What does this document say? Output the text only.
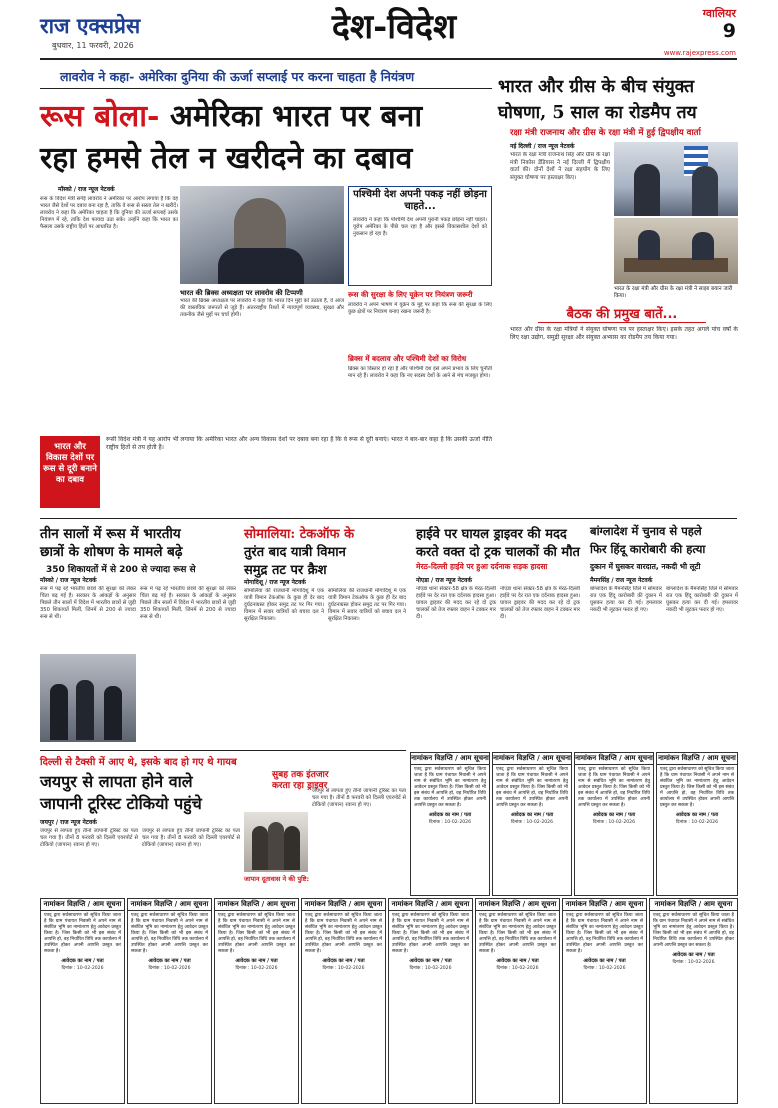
राज एक्सप्रेस
बुधवार, 11 फरवरी, 2026	देश-विदेश	ग्वालियर
9
www.rajexpress.com
लावरोव ने कहा- अमेरिका दुनिया की ऊर्जा सप्लाई पर करना चाहता है नियंत्रण
रूस बोला- अमेरिका भारत पर बना
रहा हमसे तेल न खरीदने का दबाव
मॉस्को / राज न्यूज नेटवर्क
रूस के विदेश मंत्री सर्गेई लावरोव ने अमेरिका पर आरोप लगाया है कि वह भारत जैसे देशों पर दबाव बना रहा है, ताकि वे रूस से सस्ता तेल न खरीदें। लावरोव ने कहा कि अमेरिका चाहता है कि दुनिया की ऊर्जा सप्लाई उसके नियंत्रण में रहे, ताकि देश फायदा उठा सके। उन्होंने कहा कि भारत का फैसला उसके राष्ट्रीय हितों पर आधारित है।
भारत की ब्रिक्स अध्यक्षता पर लावरोव की टिप्पणी
भारत की ब्रिक्स अध्यक्षता पर लावरोव ने कहा कि भारत दिन मुद्दों को उठाता है, वे आज की वास्तविक जरूरतों से जुड़े हैं। अंतरराष्ट्रीय रिश्तों में न्यायपूर्ण व्यवस्था, सुरक्षा और तकनीक जैसे मुद्दों पर चर्चा होगी।
पश्चिमी देश अपनी पकड़ नहीं छोड़ना चाहते...
लावरोव ने कहा कि पश्चिमी देश अपनी पुरानी पकड़ छोड़ना नहीं चाहते। यूरोप अमेरिका के पीछे चल रहा है और इससे विकासशील देशों को नुकसान हो रहा है।
रूस की सुरक्षा के लिए यूक्रेन पर नियंत्रण जरूरी
लावरोव ने अपने भाषण में यूक्रेन के मुद्दे पर कहा कि रूस की सुरक्षा के लिए कुछ क्षेत्रों पर नियंत्रण बनाए रखना जरूरी है।
ब्रिक्स में बदलाव और पश्चिमी देशों का विरोध
ब्रिक्स का विस्तार हो रहा है और पश्चिमी देश इसे अपने प्रभाव के लिए चुनौती मान रहे हैं। लावरोव ने कहा कि नए सदस्य देशों के आने से मंच मजबूत होगा।
भारत और विकास देशों पर रूस से दूरी बनाने का दबाव
रूसी विदेश मंत्री ने यह आरोप भी लगाया कि अमेरिका भारत और अन्य विकास देशों पर दबाव बना रहा है कि वे रूस से दूरी बनाएं। भारत ने बार-बार कहा है कि उसकी ऊर्जा नीति राष्ट्रीय हितों से तय होती है।
भारत और ग्रीस के बीच संयुक्त
घोषणा, 5 साल का रोडमैप तय
रक्षा मंत्री राजनाथ और ग्रीस के रक्षा मंत्री में हुई द्विपक्षीय वार्ता
नई दिल्ली / राज न्यूज नेटवर्क
भारत के रक्षा मंत्री राजनाथ सिंह और ग्रीस के रक्षा मंत्री निकोस डेंडियास ने नई दिल्ली में द्विपक्षीय वार्ता की। दोनों देशों ने रक्षा सहयोग के लिए संयुक्त घोषणा पर हस्ताक्षर किए।
भारत के रक्षा मंत्री और ग्रीस के रक्षा मंत्री ने साझा बयान जारी किया।
बैठक की प्रमुख बातें...
भारत और ग्रीस के रक्षा मंत्रियों ने संयुक्त घोषणा पत्र पर हस्ताक्षर किए। इसके तहत अगले पांच वर्षों के लिए रक्षा उद्योग, समुद्री सुरक्षा और संयुक्त अभ्यास का रोडमैप तय किया गया।
तीन सालों में रूस में भारतीय
छात्रों के शोषण के मामले बढ़े
350 शिकायतों में से 200 से ज्यादा रूस से
मॉस्को / राज न्यूज नेटवर्क
रूस में पढ़ रहे भारतीय छात्रों की सुरक्षा को लेकर चिंता बढ़ गई है। सरकार के आंकड़ों के अनुसार पिछले तीन सालों में विदेश में भारतीय छात्रों से जुड़ी 350 शिकायतें मिलीं, जिनमें से 200 से ज्यादा रूस से थीं।
रूस में पढ़ रहे भारतीय छात्रों की सुरक्षा को लेकर चिंता बढ़ गई है। सरकार के आंकड़ों के अनुसार पिछले तीन सालों में विदेश में भारतीय छात्रों से जुड़ी 350 शिकायतें मिलीं, जिनमें से 200 से ज्यादा रूस से थीं।
सोमालिया: टेकऑफ के
तुरंत बाद यात्री विमान
समुद्र तट पर क्रैश
मोगादिशू / राज न्यूज नेटवर्क
सोमालिया की राजधानी मोगादिशू में एक यात्री विमान टेकऑफ के कुछ ही देर बाद दुर्घटनाग्रस्त होकर समुद्र तट पर गिर गया। विमान में सवार यात्रियों को बचाव दल ने सुरक्षित निकाला।
सोमालिया की राजधानी मोगादिशू में एक यात्री विमान टेकऑफ के कुछ ही देर बाद दुर्घटनाग्रस्त होकर समुद्र तट पर गिर गया। विमान में सवार यात्रियों को बचाव दल ने सुरक्षित निकाला।
हाईवे पर घायल ड्राइवर की मदद
करते वक्त दो ट्रक चालकों की मौत
मेरठ-दिल्ली हाईवे पर हुआ दर्दनाक सड़क हादसा
नोएडा / राज न्यूज नेटवर्क
नोएडा थाना सेक्टर-58 क्षेत्र के मेरठ-दिल्ली हाईवे पर देर रात एक दर्दनाक हादसा हुआ। घायल ड्राइवर की मदद कर रहे दो ट्रक चालकों को तेज रफ्तार वाहन ने टक्कर मार दी।
नोएडा थाना सेक्टर-58 क्षेत्र के मेरठ-दिल्ली हाईवे पर देर रात एक दर्दनाक हादसा हुआ। घायल ड्राइवर की मदद कर रहे दो ट्रक चालकों को तेज रफ्तार वाहन ने टक्कर मार दी।
बांग्लादेश में चुनाव से पहले
फिर हिंदू कारोबारी की हत्या
दुकान में घुसकर वारदात, नकदी भी लूटी
मैमनसिंह / राज न्यूज नेटवर्क
बांग्लादेश के मैमनसिंह जिले में सोमवार रात एक हिंदू कारोबारी की दुकान में घुसकर हत्या कर दी गई। हमलावर नकदी भी लूटकर फरार हो गए।
बांग्लादेश के मैमनसिंह जिले में सोमवार रात एक हिंदू कारोबारी की दुकान में घुसकर हत्या कर दी गई। हमलावर नकदी भी लूटकर फरार हो गए।
दिल्ली से टैक्सी में आए थे, इसके बाद हो गए थे गायब
जयपुर से लापता होने वाले
जापानी टूरिस्ट टोकियो पहुंचे
सुबह तक इंतजार करता रहा ड्राइवर
जयपुर / राज न्यूज नेटवर्क
जयपुर से लापता हुए तीनों जापानी टूरिस्ट का पता चल गया है। तीनों 8 फरवरी को दिल्ली एयरपोर्ट से टोकियो (जापान) रवाना हो गए।
जयपुर से लापता हुए तीनों जापानी टूरिस्ट का पता चल गया है। तीनों 8 फरवरी को दिल्ली एयरपोर्ट से टोकियो (जापान) रवाना हो गए।
जापान दूतावास ने की पुष्टि:
जयपुर से लापता हुए तीनों जापानी टूरिस्ट का पता चल गया है। तीनों 8 फरवरी को दिल्ली एयरपोर्ट से टोकियो (जापान) रवाना हो गए।
नामांकन विज्ञप्ति / आम सूचना
एतद् द्वारा सर्वसाधारण को सूचित किया जाता है कि ग्राम पंचायत निवासी ने अपने नाम से संबंधित भूमि का नामांतरण हेतु आवेदन प्रस्तुत किया है। जिस किसी को भी इस संबंध में आपत्ति हो, वह निर्धारित तिथि तक कार्यालय में उपस्थित होकर अपनी आपत्ति प्रस्तुत कर सकता है।
आवेदक का नाम / पता
दिनांक : 10-02-2026
नामांकन विज्ञप्ति / आम सूचना
एतद् द्वारा सर्वसाधारण को सूचित किया जाता है कि ग्राम पंचायत निवासी ने अपने नाम से संबंधित भूमि का नामांतरण हेतु आवेदन प्रस्तुत किया है। जिस किसी को भी इस संबंध में आपत्ति हो, वह निर्धारित तिथि तक कार्यालय में उपस्थित होकर अपनी आपत्ति प्रस्तुत कर सकता है।
आवेदक का नाम / पता
दिनांक : 10-02-2026
नामांकन विज्ञप्ति / आम सूचना
एतद् द्वारा सर्वसाधारण को सूचित किया जाता है कि ग्राम पंचायत निवासी ने अपने नाम से संबंधित भूमि का नामांतरण हेतु आवेदन प्रस्तुत किया है। जिस किसी को भी इस संबंध में आपत्ति हो, वह निर्धारित तिथि तक कार्यालय में उपस्थित होकर अपनी आपत्ति प्रस्तुत कर सकता है।
आवेदक का नाम / पता
दिनांक : 10-02-2026
नामांकन विज्ञप्ति / आम सूचना
एतद् द्वारा सर्वसाधारण को सूचित किया जाता है कि ग्राम पंचायत निवासी ने अपने नाम से संबंधित भूमि का नामांतरण हेतु आवेदन प्रस्तुत किया है। जिस किसी को भी इस संबंध में आपत्ति हो, वह निर्धारित तिथि तक कार्यालय में उपस्थित होकर अपनी आपत्ति प्रस्तुत कर सकता है।
आवेदक का नाम / पता
दिनांक : 10-02-2026
नामांकन विज्ञप्ति / आम सूचना
एतद् द्वारा सर्वसाधारण को सूचित किया जाता है कि ग्राम पंचायत निवासी ने अपने नाम से संबंधित भूमि का नामांतरण हेतु आवेदन प्रस्तुत किया है। जिस किसी को भी इस संबंध में आपत्ति हो, वह निर्धारित तिथि तक कार्यालय में उपस्थित होकर अपनी आपत्ति प्रस्तुत कर सकता है।
आवेदक का नाम / पता
दिनांक : 10-02-2026
नामांकन विज्ञप्ति / आम सूचना
एतद् द्वारा सर्वसाधारण को सूचित किया जाता है कि ग्राम पंचायत निवासी ने अपने नाम से संबंधित भूमि का नामांतरण हेतु आवेदन प्रस्तुत किया है। जिस किसी को भी इस संबंध में आपत्ति हो, वह निर्धारित तिथि तक कार्यालय में उपस्थित होकर अपनी आपत्ति प्रस्तुत कर सकता है।
आवेदक का नाम / पता
दिनांक : 10-02-2026
नामांकन विज्ञप्ति / आम सूचना
एतद् द्वारा सर्वसाधारण को सूचित किया जाता है कि ग्राम पंचायत निवासी ने अपने नाम से संबंधित भूमि का नामांतरण हेतु आवेदन प्रस्तुत किया है। जिस किसी को भी इस संबंध में आपत्ति हो, वह निर्धारित तिथि तक कार्यालय में उपस्थित होकर अपनी आपत्ति प्रस्तुत कर सकता है।
आवेदक का नाम / पता
दिनांक : 10-02-2026
नामांकन विज्ञप्ति / आम सूचना
एतद् द्वारा सर्वसाधारण को सूचित किया जाता है कि ग्राम पंचायत निवासी ने अपने नाम से संबंधित भूमि का नामांतरण हेतु आवेदन प्रस्तुत किया है। जिस किसी को भी इस संबंध में आपत्ति हो, वह निर्धारित तिथि तक कार्यालय में उपस्थित होकर अपनी आपत्ति प्रस्तुत कर सकता है।
आवेदक का नाम / पता
दिनांक : 10-02-2026
नामांकन विज्ञप्ति / आम सूचना
एतद् द्वारा सर्वसाधारण को सूचित किया जाता है कि ग्राम पंचायत निवासी ने अपने नाम से संबंधित भूमि का नामांतरण हेतु आवेदन प्रस्तुत किया है। जिस किसी को भी इस संबंध में आपत्ति हो, वह निर्धारित तिथि तक कार्यालय में उपस्थित होकर अपनी आपत्ति प्रस्तुत कर सकता है।
आवेदक का नाम / पता
दिनांक : 10-02-2026
नामांकन विज्ञप्ति / आम सूचना
एतद् द्वारा सर्वसाधारण को सूचित किया जाता है कि ग्राम पंचायत निवासी ने अपने नाम से संबंधित भूमि का नामांतरण हेतु आवेदन प्रस्तुत किया है। जिस किसी को भी इस संबंध में आपत्ति हो, वह निर्धारित तिथि तक कार्यालय में उपस्थित होकर अपनी आपत्ति प्रस्तुत कर सकता है।
आवेदक का नाम / पता
दिनांक : 10-02-2026
नामांकन विज्ञप्ति / आम सूचना
एतद् द्वारा सर्वसाधारण को सूचित किया जाता है कि ग्राम पंचायत निवासी ने अपने नाम से संबंधित भूमि का नामांतरण हेतु आवेदन प्रस्तुत किया है। जिस किसी को भी इस संबंध में आपत्ति हो, वह निर्धारित तिथि तक कार्यालय में उपस्थित होकर अपनी आपत्ति प्रस्तुत कर सकता है।
आवेदक का नाम / पता
दिनांक : 10-02-2026
नामांकन विज्ञप्ति / आम सूचना
एतद् द्वारा सर्वसाधारण को सूचित किया जाता है कि ग्राम पंचायत निवासी ने अपने नाम से संबंधित भूमि का नामांतरण हेतु आवेदन प्रस्तुत किया है। जिस किसी को भी इस संबंध में आपत्ति हो, वह निर्धारित तिथि तक कार्यालय में उपस्थित होकर अपनी आपत्ति प्रस्तुत कर सकता है।
आवेदक का नाम / पता
दिनांक : 10-02-2026
